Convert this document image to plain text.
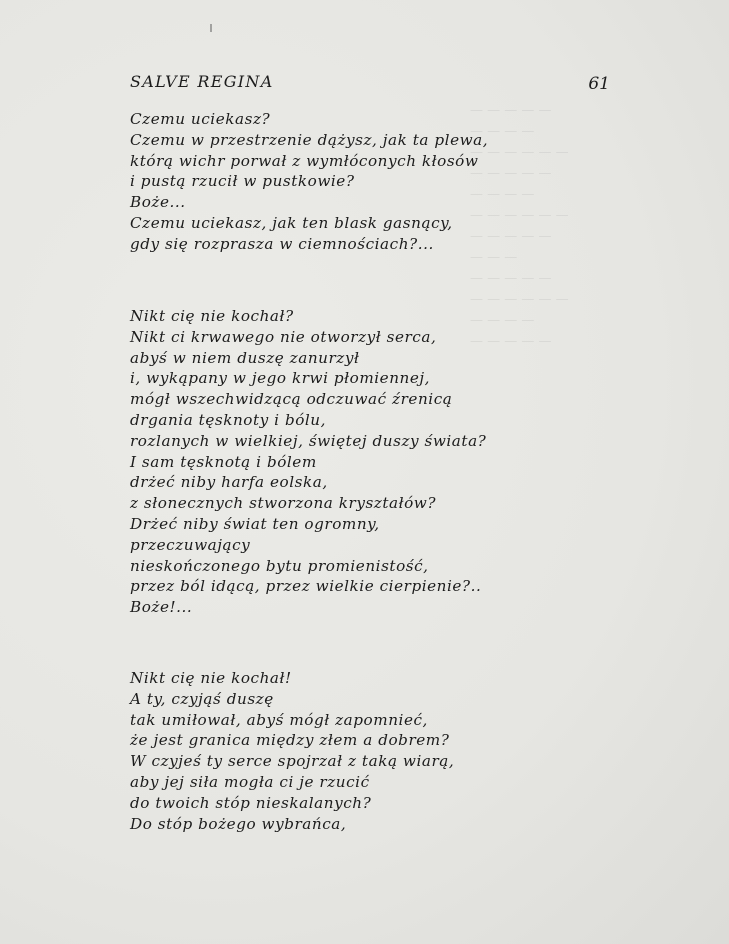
— — — — —
— — — —
— — — — — —
— — — — —
— — — —
— — — — — —
— — — — —
— — —
— — — — —
— — — — — —
— — — —
— — — — —
SALVE REGINA	61
Czemu uciekasz?
Czemu w przestrzenie dążysz, jak ta plewa,
którą wichr porwał z wymłóconych kłosów
i pustą rzucił w pustkowie?
Boże...
Czemu uciekasz, jak ten blask gasnący,
gdy się rozprasza w ciemnościach?...
Nikt cię nie kochał?
Nikt ci krwawego nie otworzył serca,
abyś w niem duszę zanurzył
i, wykąpany w jego krwi płomiennej,
mógł wszechwidzącą odczuwać źrenicą
drgania tęsknoty i bólu,
rozlanych w wielkiej, świętej duszy świata?
I sam tęsknotą i bólem
drżeć niby harfa eolska,
z słonecznych stworzona kryształów?
Drżeć niby świat ten ogromny,
przeczuwający
nieskończonego bytu promienistość,
przez ból idącą, przez wielkie cierpienie?..
Boże!...
Nikt cię nie kochał!
A ty, czyjąś duszę
tak umiłował, abyś mógł zapomnieć,
że jest granica między złem a dobrem?
W czyjeś ty serce spojrzał z taką wiarą,
aby jej siła mogła ci je rzucić
do twoich stóp nieskalanych?
Do stóp bożego wybrańca,
